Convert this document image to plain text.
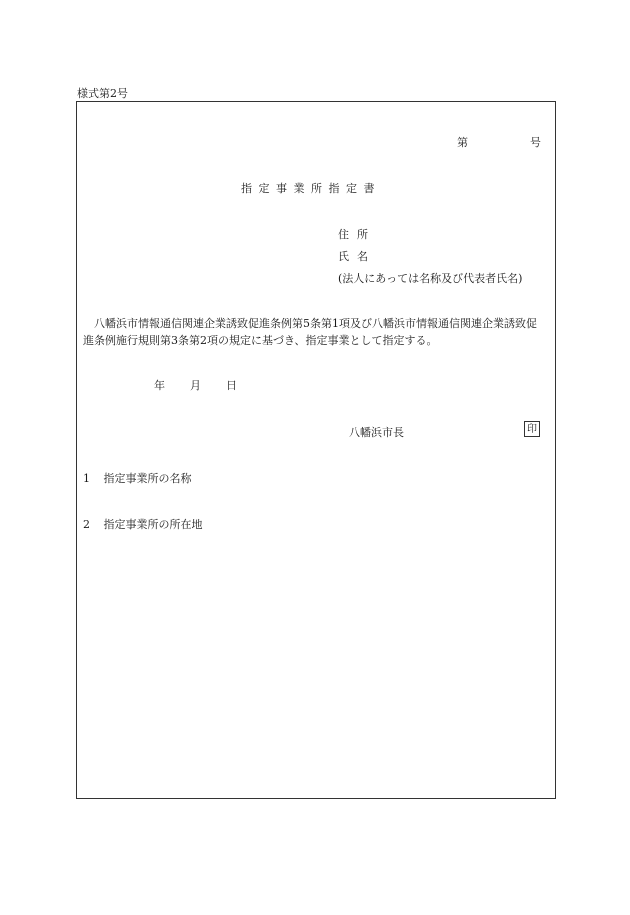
様式第2号
第	号
指定事業所指定書
住所
氏名
(法人にあっては名称及び代表者氏名)
八幡浜市情報通信関連企業誘致促進条例第5条第1項及び八幡浜市情報通信関連企業誘致促進条例施行規則第3条第2項の規定に基づき、指定事業として指定する。
年 月 日
八幡浜市長	印
1 指定事業所の名称
2 指定事業所の所在地
